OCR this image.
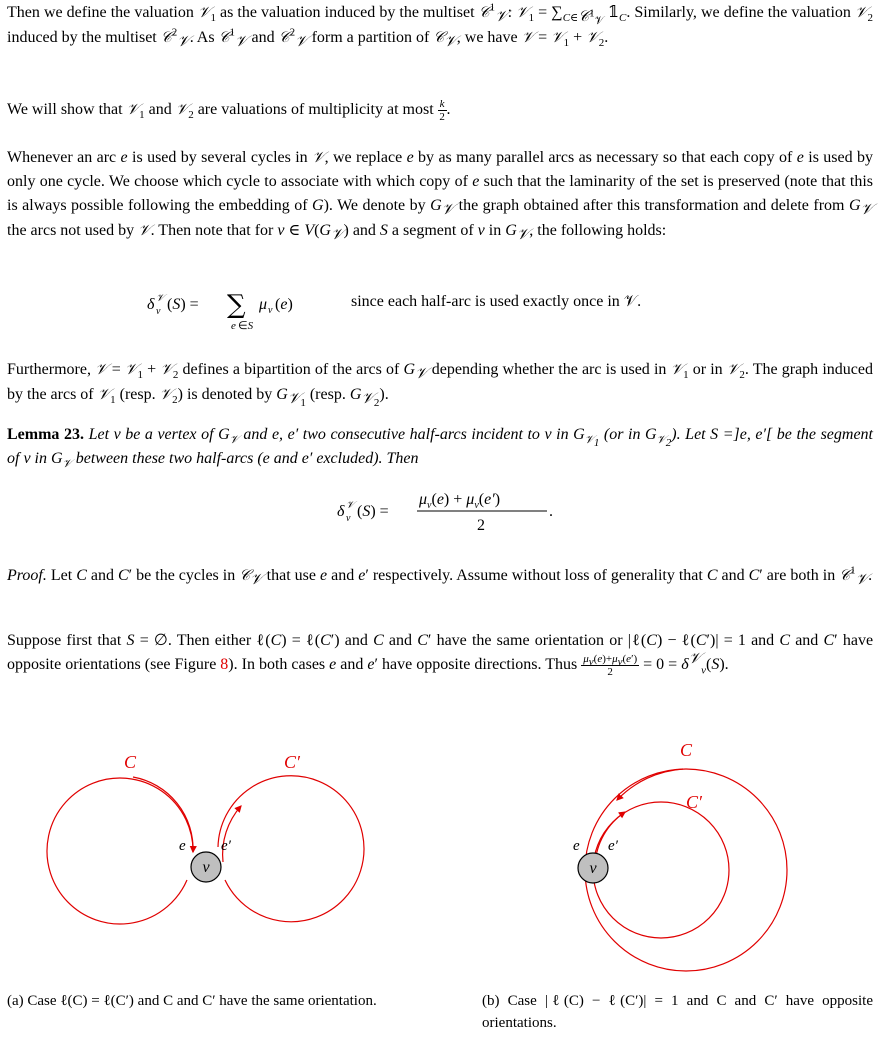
Then we define the valuation 𝒱$_1$ as the valuation induced by the multiset 𝒞$^1_𝒱$: 𝒱$_1$ = $\sum_{C\in 𝒞^1_𝒱}$ $𝟙_C$. Similarly, we define the valuation 𝒱$_2$ induced by the multiset 𝒞$^2_𝒱$. As 𝒞$^1_𝒱$ and 𝒞$^2_𝒱$ form a partition of 𝒞$_𝒱$, we have 𝒱 = 𝒱$_1$ + 𝒱$_2$.

We will show that 𝒱$_1$ and 𝒱$_2$ are valuations of multiplicity at most $\frac{k}{2}$ .

Whenever an arc e is used by several cycles in 𝒱, we replace e by as many parallel arcs as necessary so that each copy of e is used by only one cycle. We choose which cycle to associate with which copy of e such that the laminarity of the set is preserved (note that this is always possible following the embedding of G). We denote by $G_𝒱$ the graph obtained after this transformation and delete from $G_𝒱$ the arcs not used by 𝒱. Then note that for v ∈ $V(G_𝒱)$ and S a segment of v in $G_𝒱$, the following holds:

δ 𝒱
v (S) = ∑
e ∈S
μ v (e)	since each half-arc is used exactly once in 𝒱.

Furthermore, 𝒱 = 𝒱$_1$ + 𝒱$_2$ defines a bipartition of the arcs of $G_𝒱$ depending whether the arc is used in 𝒱$_1$ or in 𝒱$_2$. The graph induced by the arcs of 𝒱$_1$ (resp. 𝒱$_2$) is denoted by $G_{𝒱_1}$ (resp. $G_{𝒱_2}$).

Lemma 23. Let v be a vertex of $G_𝒱$ and e, e′ two consecutive half-arcs incident to v in $G_{𝒱_1}$ (or in $G_{𝒱_2}$). Let S =]e, e′[ be the segment of v in $G_𝒱$ between these two half-arcs (e and e′ excluded). Then

δ 𝒱
v (S) =
$\mu_v(e) + \mu_v(e')$
2
.

Proof. Let C and C′ be the cycles in 𝒞$_𝒱$ that use e and e′ respectively. Assume without loss of generality that C and C′ are both in 𝒞$^1_𝒱$.

Suppose first that S = ∅. Then either ℓ(C) = ℓ(C′) and C and C′ have the same orientation or |ℓ(C) − ℓ(C′)| = 1 and C and C′ have opposite orientations (see Figure 8). In both cases e and e′ have opposite directions. Thus $\frac{\mu_v(e)+\mu_v(e')}{2} = 0 = \delta^𝒱_v(S)$.

v
C	C′
e e′
v
C
C′
e e′

(a) Case ℓ(C) = ℓ(C′) and C and C′ have the same orientation.	(b) Case |ℓ(C) − ℓ(C′)| = 1 and C and C′ have opposite orientations.
